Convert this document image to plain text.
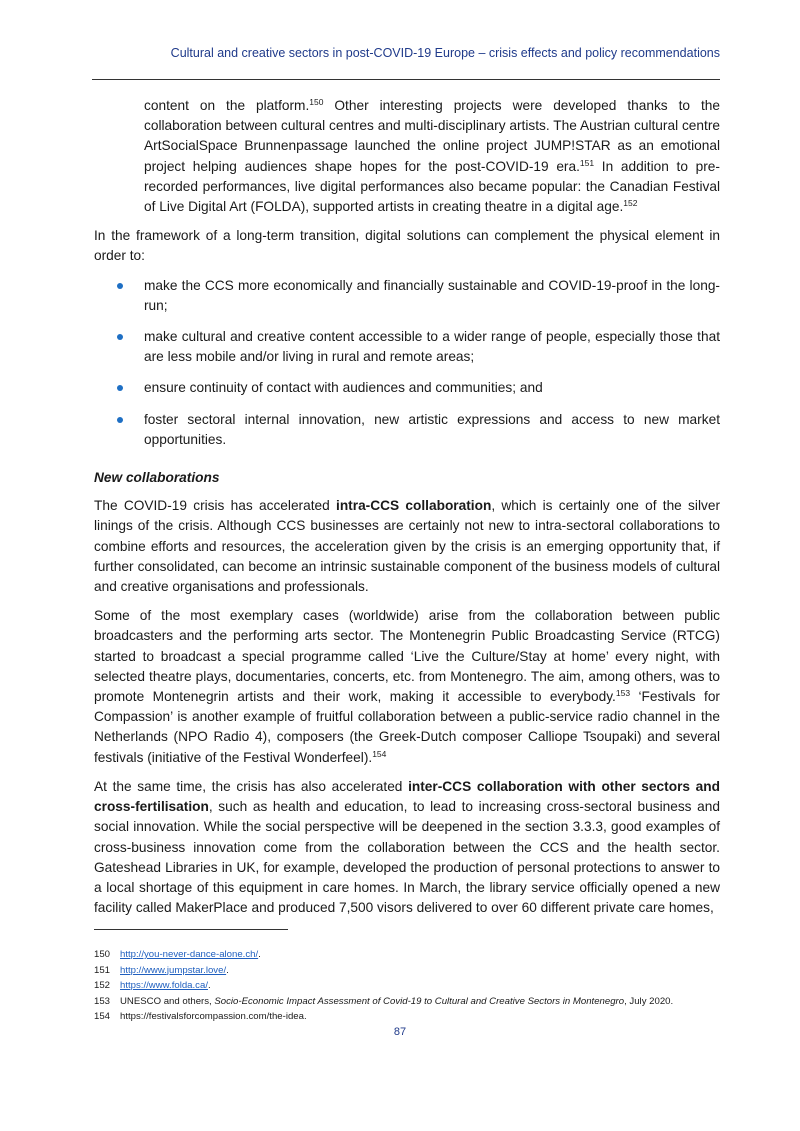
Cultural and creative sectors in post-COVID-19 Europe – crisis effects and policy recommendations

content on the platform.$^{150}$ Other interesting projects were developed thanks to the collaboration between cultural centres and multi-disciplinary artists. The Austrian cultural centre ArtSocialSpace Brunnenpassage launched the online project JUMP!STAR as an emotional project helping audiences shape hopes for the post-COVID-19 era.$^{151}$ In addition to pre-recorded performances, live digital performances also became popular: the Canadian Festival of Live Digital Art (FOLDA), supported artists in creating theatre in a digital age.$^{152}$

In the framework of a long-term transition, digital solutions can complement the physical element in order to:

make the CCS more economically and financially sustainable and COVID-19-proof in the long-run;
make cultural and creative content accessible to a wider range of people, especially those that are less mobile and/or living in rural and remote areas;
ensure continuity of contact with audiences and communities; and
foster sectoral internal innovation, new artistic expressions and access to new market opportunities.
New collaborations

The COVID-19 crisis has accelerated intra-CCS collaboration, which is certainly one of the silver linings of the crisis. Although CCS businesses are certainly not new to intra-sectoral collaborations to combine efforts and resources, the acceleration given by the crisis is an emerging opportunity that, if further consolidated, can become an intrinsic sustainable component of the business models of cultural and creative organisations and professionals.

Some of the most exemplary cases (worldwide) arise from the collaboration between public broadcasters and the performing arts sector. The Montenegrin Public Broadcasting Service (RTCG) started to broadcast a special programme called ‘Live the Culture/Stay at home’ every night, with selected theatre plays, documentaries, concerts, etc. from Montenegro. The aim, among others, was to promote Montenegrin artists and their work, making it accessible to everybody.$^{153}$ ‘Festivals for Compassion’ is another example of fruitful collaboration between a public-service radio channel in the Netherlands (NPO Radio 4), composers (the Greek-Dutch composer Calliope Tsoupaki) and several festivals (initiative of the Festival Wonderfeel).$^{154}$

At the same time, the crisis has also accelerated inter-CCS collaboration with other sectors and cross-fertilisation, such as health and education, to lead to increasing cross-sectoral business and social innovation. While the social perspective will be deepened in the section 3.3.3, good examples of cross-business innovation come from the collaboration between the CCS and the health sector. Gateshead Libraries in UK, for example, developed the production of personal protections to answer to a local shortage of this equipment in care homes. In March, the library service officially opened a new facility called MakerPlace and produced 7,500 visors delivered to over 60 different private care homes,

150	http://you-never-dance-alone.ch/.
151	http://www.jumpstar.love/.
152	https://www.folda.ca/.
153	UNESCO and others, Socio-Economic Impact Assessment of Covid-19 to Cultural and Creative Sectors in Montenegro, July 2020.
154	https://festivalsforcompassion.com/the-idea.
87
